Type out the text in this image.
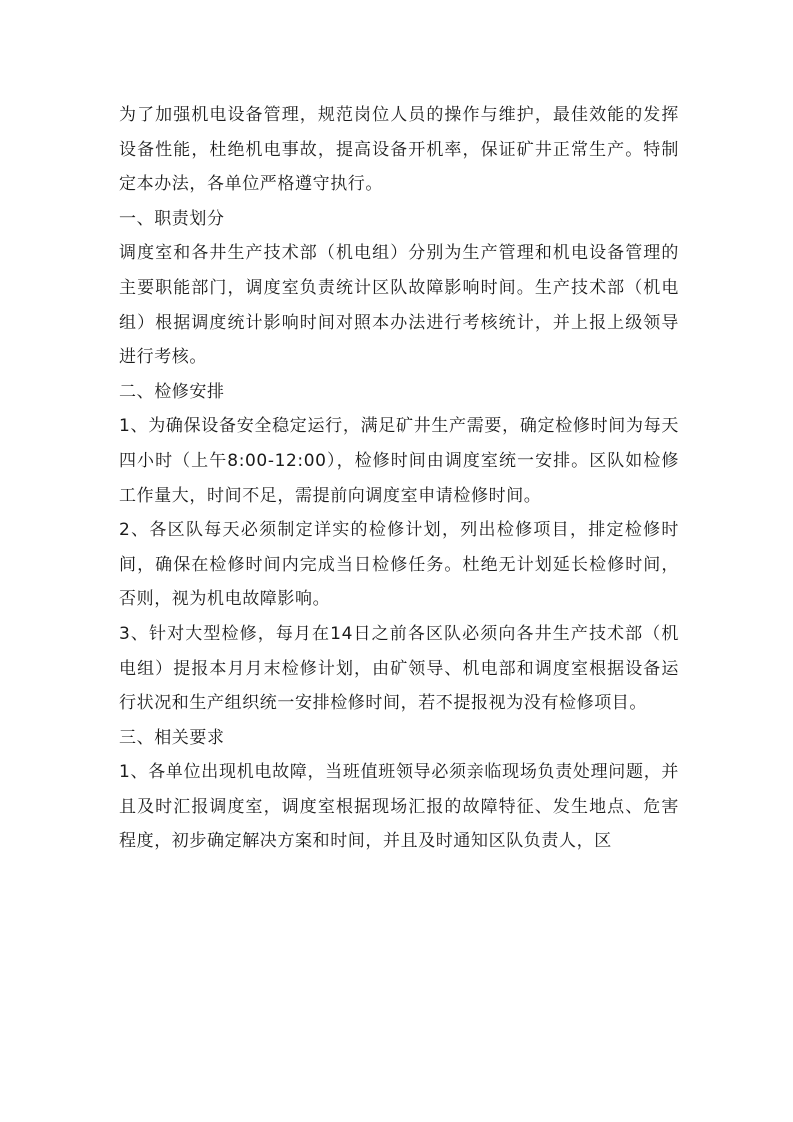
为了加强机电设备管理，规范岗位人员的操作与维护，最佳效能的发挥设备性能，杜绝机电事故，提高设备开机率，保证矿井正常生产。特制定本办法，各单位严格遵守执行。

一、职责划分

调度室和各井生产技术部（机电组）分别为生产管理和机电设备管理的主要职能部门，调度室负责统计区队故障影响时间。生产技术部（机电组）根据调度统计影响时间对照本办法进行考核统计，并上报上级领导进行考核。

二、检修安排

1、为确保设备安全稳定运行，满足矿井生产需要，确定检修时间为每天四小时（上午8:00-12:00），检修时间由调度室统一安排。区队如检修工作量大，时间不足，需提前向调度室申请检修时间。

2、各区队每天必须制定详实的检修计划，列出检修项目，排定检修时间，确保在检修时间内完成当日检修任务。杜绝无计划延长检修时间，否则，视为机电故障影响。

3、针对大型检修，每月在14日之前各区队必须向各井生产技术部（机电组）提报本月月末检修计划，由矿领导、机电部和调度室根据设备运行状况和生产组织统一安排检修时间，若不提报视为没有检修项目。

三、相关要求

1、各单位出现机电故障，当班值班领导必须亲临现场负责处理问题，并且及时汇报调度室，调度室根据现场汇报的故障特征、发生地点、危害程度，初步确定解决方案和时间，并且及时通知区队负责人，区
